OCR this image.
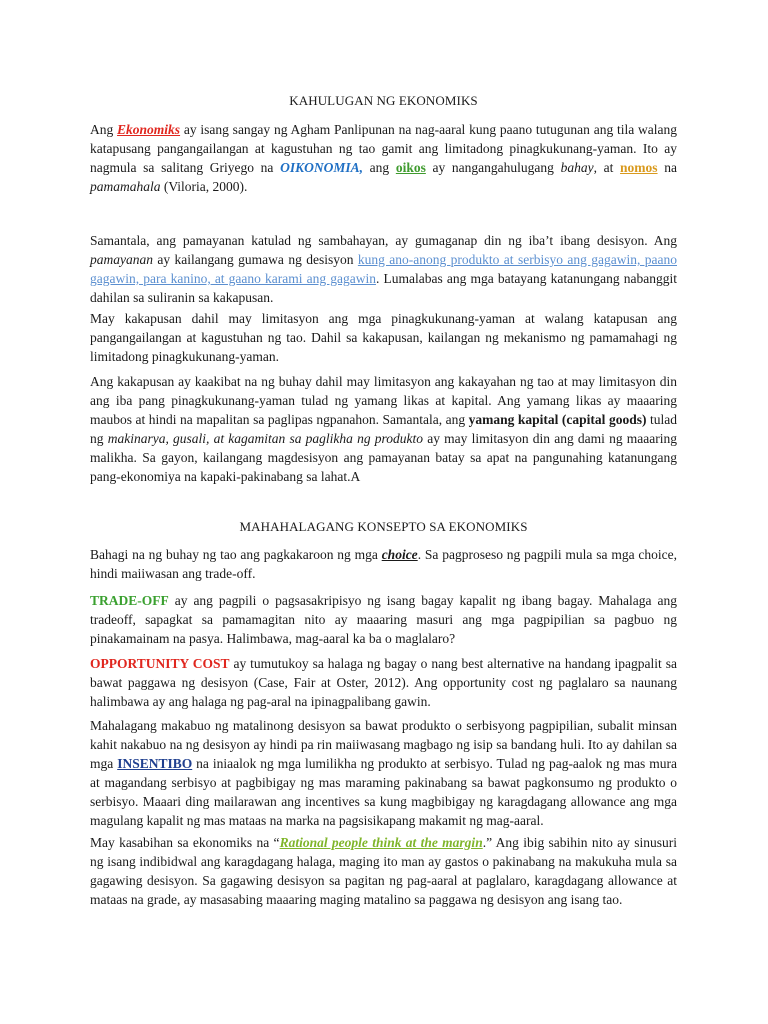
KAHULUGAN NG EKONOMIKS

Ang Ekonomiks ay isang sangay ng Agham Panlipunan na nag-aaral kung paano tutugunan ang tila walang katapusang pangangailangan at kagustuhan ng tao gamit ang limitadong pinagkukunang-yaman. Ito ay nagmula sa salitang Griyego na OIKONOMIA, ang oikos ay nangangahulugang bahay, at nomos na pamamahala (Viloria, 2000).

Samantala, ang pamayanan katulad ng sambahayan, ay gumaganap din ng iba’t ibang desisyon. Ang pamayanan ay kailangang gumawa ng desisyon kung ano-anong produkto at serbisyo ang gagawin, paano gagawin, para kanino, at gaano karami ang gagawin. Lumalabas ang mga batayang katanungang nabanggit dahilan sa suliranin sa kakapusan.

May kakapusan dahil may limitasyon ang mga pinagkukunang-yaman at walang katapusan ang pangangailangan at kagustuhan ng tao. Dahil sa kakapusan, kailangan ng mekanismo ng pamamahagi ng limitadong pinagkukunang-yaman.

Ang kakapusan ay kaakibat na ng buhay dahil may limitasyon ang kakayahan ng tao at may limitasyon din ang iba pang pinagkukunang-yaman tulad ng yamang likas at kapital. Ang yamang likas ay maaaring maubos at hindi na mapalitan sa paglipas ngpanahon. Samantala, ang yamang kapital (capital goods) tulad ng makinarya, gusali, at kagamitan sa paglikha ng produkto ay may limitasyon din ang dami ng maaaring malikha. Sa gayon, kailangang magdesisyon ang pamayanan batay sa apat na pangunahing katanungang pang-ekonomiya na kapaki-pakinabang sa lahat.A

MAHAHALAGANG KONSEPTO SA EKONOMIKS

Bahagi na ng buhay ng tao ang pagkakaroon ng mga choice. Sa pagproseso ng pagpili mula sa mga choice, hindi maiiwasan ang trade-off.

TRADE-OFF ay ang pagpili o pagsasakripisyo ng isang bagay kapalit ng ibang bagay. Mahalaga ang tradeoff, sapagkat sa pamamagitan nito ay maaaring masuri ang mga pagpipilian sa pagbuo ng pinakamainam na pasya. Halimbawa, mag-aaral ka ba o maglalaro?

OPPORTUNITY COST ay tumutukoy sa halaga ng bagay o nang best alternative na handang ipagpalit sa bawat paggawa ng desisyon (Case, Fair at Oster, 2012). Ang opportunity cost ng paglalaro sa naunang halimbawa ay ang halaga ng pag-aral na ipinagpalibang gawin.

Mahalagang makabuo ng matalinong desisyon sa bawat produkto o serbisyong pagpipilian, subalit minsan kahit nakabuo na ng desisyon ay hindi pa rin maiiwasang magbago ng isip sa bandang huli. Ito ay dahilan sa mga INSENTIBO na iniaalok ng mga lumilikha ng produkto at serbisyo. Tulad ng pag-aalok ng mas mura at magandang serbisyo at pagbibigay ng mas maraming pakinabang sa bawat pagkonsumo ng produkto o serbisyo. Maaari ding mailarawan ang incentives sa kung magbibigay ng karagdagang allowance ang mga magulang kapalit ng mas mataas na marka na pagsisikapang makamit ng mag-aaral.

May kasabihan sa ekonomiks na “Rational people think at the margin.” Ang ibig sabihin nito ay sinusuri ng isang indibidwal ang karagdagang halaga, maging ito man ay gastos o pakinabang na makukuha mula sa gagawing desisyon. Sa gagawing desisyon sa pagitan ng pag-aaral at paglalaro, karagdagang allowance at mataas na grade, ay masasabing maaaring maging matalino sa paggawa ng desisyon ang isang tao.
